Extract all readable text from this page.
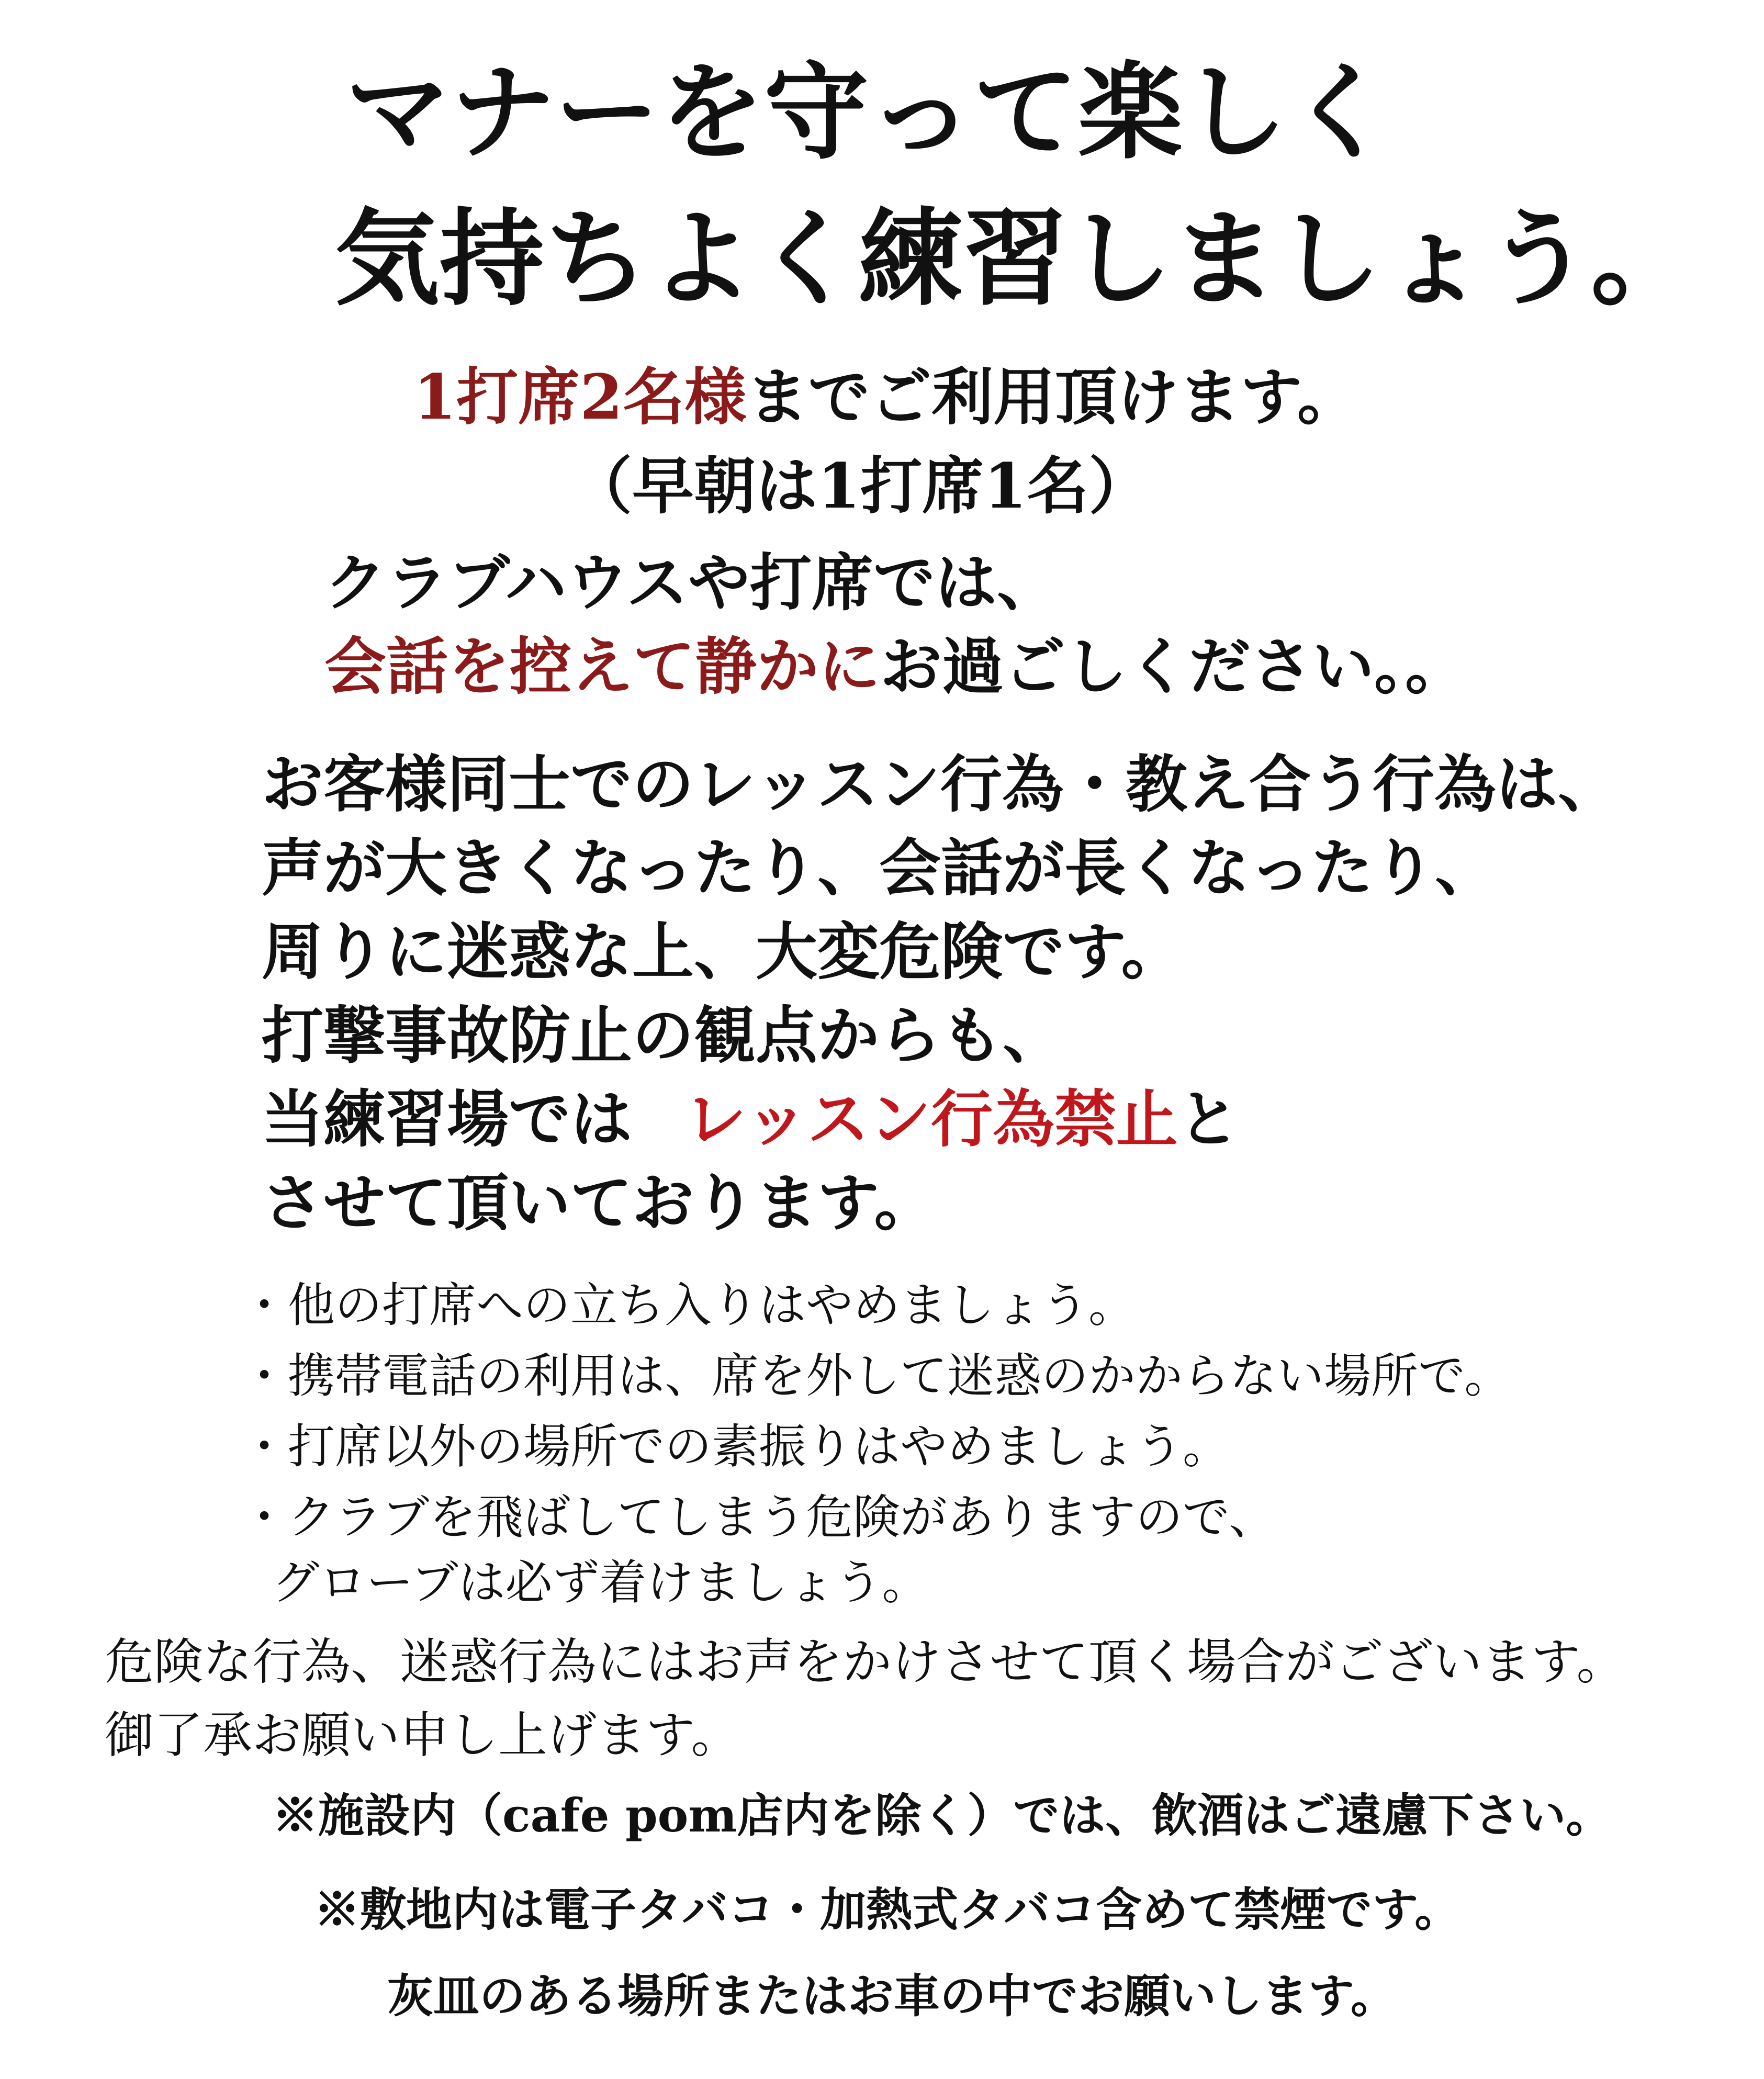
マナーを守って楽しく
気持ちよく練習しましょう。
1打席2名様までご利用頂けます。
（早朝は1打席1名）
クラブハウスや打席では、
会話を控えて静かにお過ごしください。。
お客様同士でのレッスン行為・教え合う行為は、
声が大きくなったり、会話が長くなったり、
周りに迷惑な上、大変危険です。
打撃事故防止の観点からも、
当練習場では レッスン行為禁止と
させて頂いております。
・他の打席への立ち入りはやめましょう。
・携帯電話の利用は、席を外して迷惑のかからない場所で。
・打席以外の場所での素振りはやめましょう。
・クラブを飛ばしてしまう危険がありますので、
グローブは必ず着けましょう。
危険な行為、迷惑行為にはお声をかけさせて頂く場合がございます。
御了承お願い申し上げます。
※施設内（cafe pom店内を除く）では、飲酒はご遠慮下さい。
※敷地内は電子タバコ・加熱式タバコ含めて禁煙です。
灰皿のある場所またはお車の中でお願いします。
